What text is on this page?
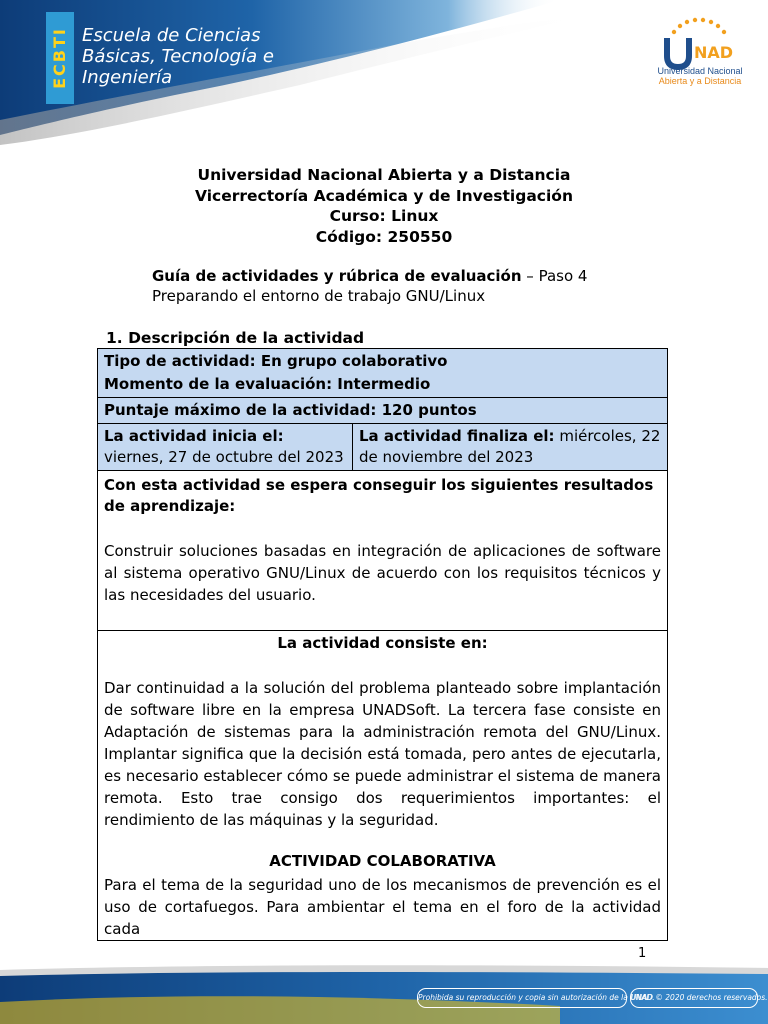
ECBTI Escuela de Ciencias
Básicas, Tecnología e
Ingeniería
NAD
Universidad Nacional
Abierta y a Distancia
Universidad Nacional Abierta y a Distancia
Vicerrectoría Académica y de Investigación
Curso: Linux
Código: 250550
Guía de actividades y rúbrica de evaluación – Paso 4
Preparando el entorno de trabajo GNU/Linux
1. Descripción de la actividad
Tipo de actividad: En grupo colaborativo
Momento de la evaluación: Intermedio
Puntaje máximo de la actividad: 120 puntos
La actividad inicia el: viernes, 27 de octubre del 2023
La actividad finaliza el: miércoles, 22 de noviembre del 2023
Con esta actividad se espera conseguir los siguientes resultados de aprendizaje:
Construir soluciones basadas en integración de aplicaciones de software al sistema operativo GNU/Linux de acuerdo con los requisitos técnicos y las necesidades del usuario.
La actividad consiste en:
Dar continuidad a la solución del problema planteado sobre implantación de software libre en la empresa UNADSoft. La tercera fase consiste en Adaptación de sistemas para la administración remota del GNU/Linux. Implantar significa que la decisión está tomada, pero antes de ejecutarla, es necesario establecer cómo se puede administrar el sistema de manera remota. Esto trae consigo dos requerimientos importantes: el rendimiento de las máquinas y la seguridad.
ACTIVIDAD COLABORATIVA
Para el tema de la seguridad uno de los mecanismos de prevención es el uso de cortafuegos. Para ambientar el tema en el foro de la actividad cada
1
Prohibida su reproducción y copia sin autorización de la UNAD.
UNAD © 2020 derechos reservados.
